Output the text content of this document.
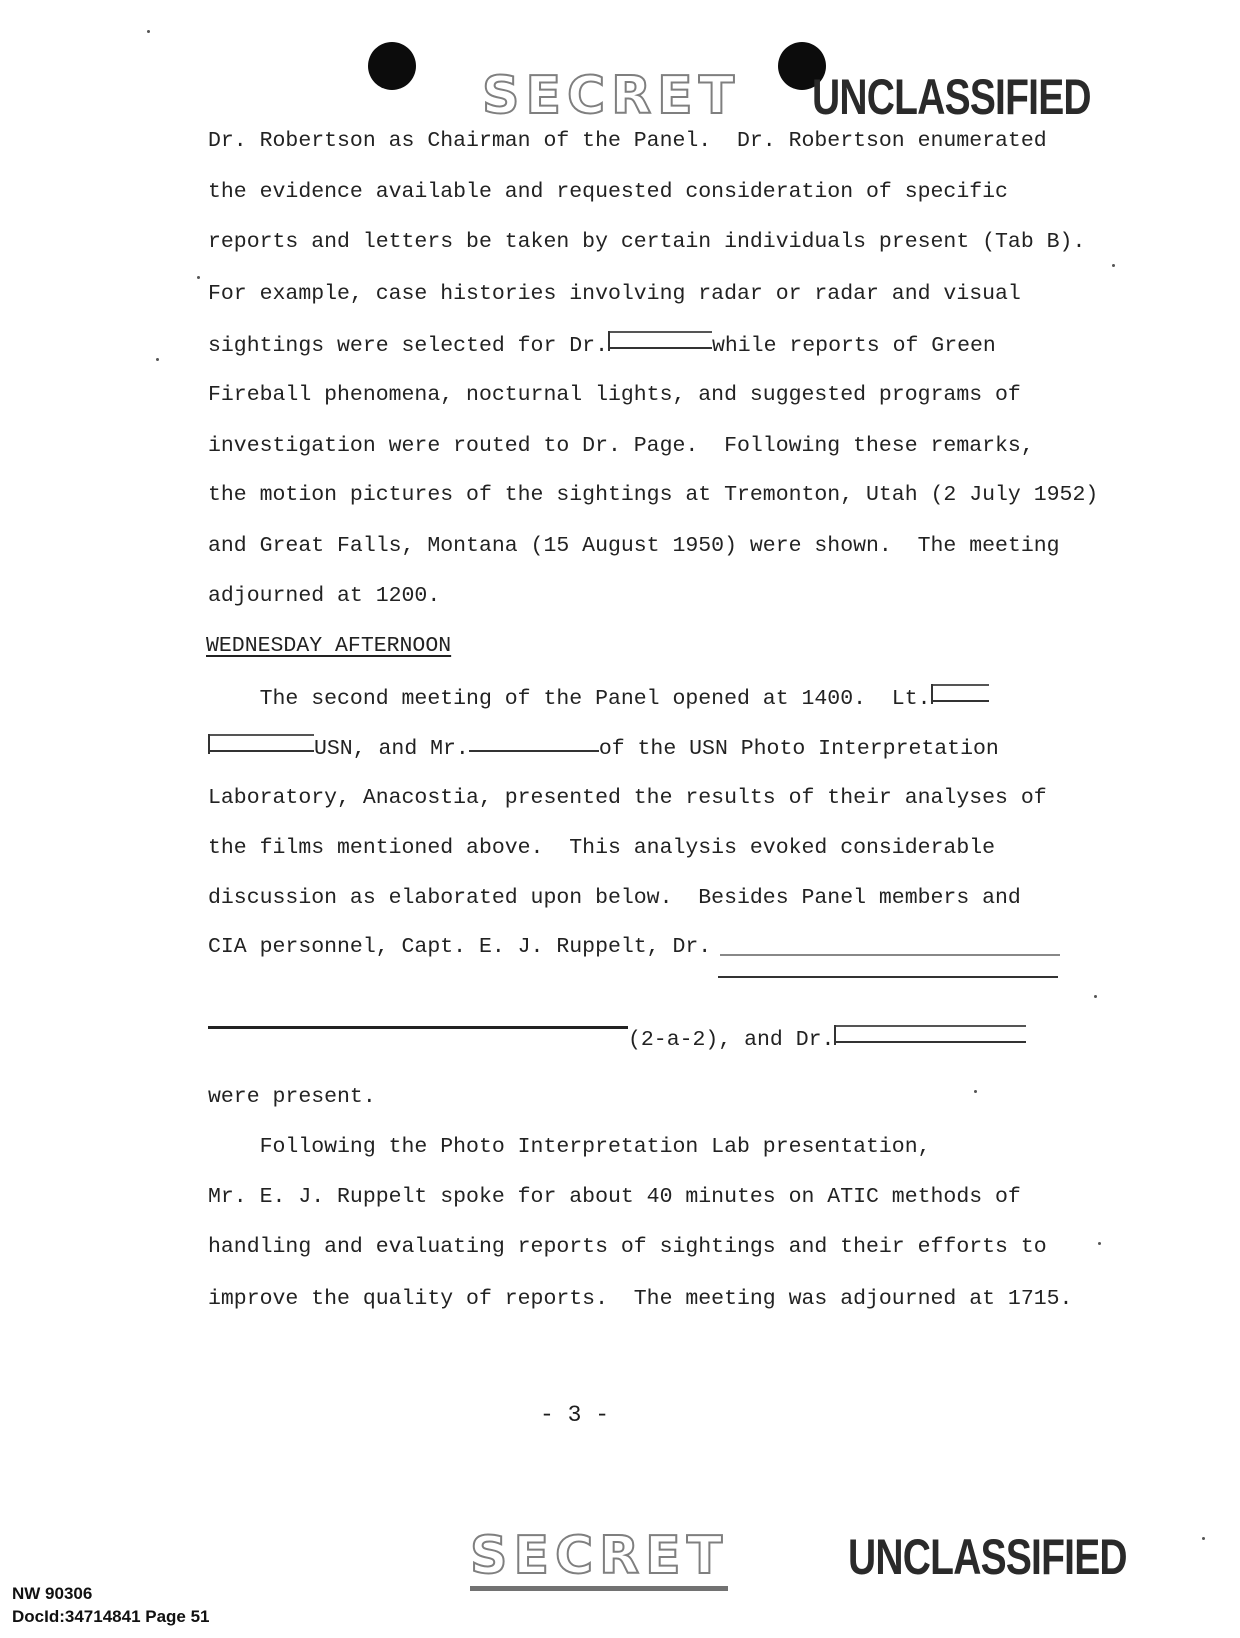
SECRET UNCLASSIFIED
Dr. Robertson as Chairman of the Panel.  Dr. Robertson enumerated
the evidence available and requested consideration of specific
reports and letters be taken by certain individuals present (Tab B).
For example, case histories involving radar or radar and visual
sightings were selected for Dr.	while reports of Green
Fireball phenomena, nocturnal lights, and suggested programs of
investigation were routed to Dr. Page.  Following these remarks,
the motion pictures of the sightings at Tremonton, Utah (2 July 1952)
and Great Falls, Montana (15 August 1950) were shown.  The meeting
adjourned at 1200.
WEDNESDAY AFTERNOON
The second meeting of the Panel opened at 1400.  Lt.
USN, and Mr.	of the USN Photo Interpretation
Laboratory, Anacostia, presented the results of their analyses of
the films mentioned above.  This analysis evoked considerable
discussion as elaborated upon below.  Besides Panel members and
CIA personnel, Capt. E. J. Ruppelt, Dr.
(2-a-2), and Dr.
were present.
Following the Photo Interpretation Lab presentation,
Mr. E. J. Ruppelt spoke for about 40 minutes on ATIC methods of
handling and evaluating reports of sightings and their efforts to
improve the quality of reports.  The meeting was adjourned at 1715.
- 3 -
SECRET UNCLASSIFIED
NW 90306
DocId:34714841 Page 51
